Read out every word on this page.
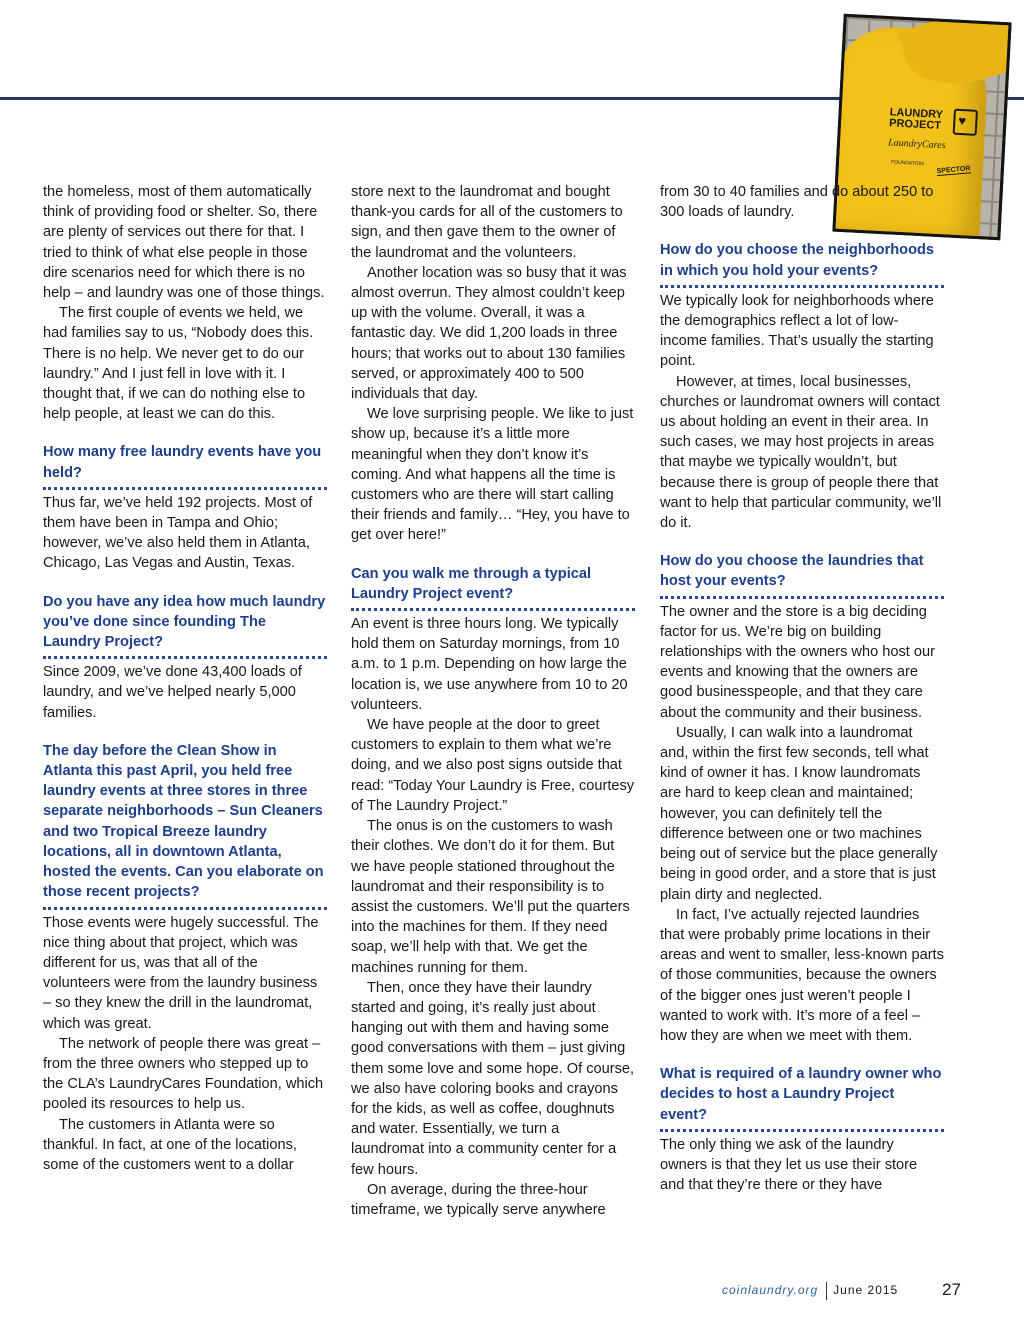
LAUNDRY
PROJECT ♥
LaundryCares
FOUNDATION
SPECTOR

the homeless, most of them automatically think of providing food or shelter. So, there are plenty of services out there for that. I tried to think of what else people in those dire scenarios need for which there is no help – and laundry was one of those things.

The first couple of events we held, we had families say to us, “Nobody does this. There is no help. We never get to do our laundry.” And I just fell in love with it. I thought that, if we can do nothing else to help people, at least we can do this.

How many free laundry events have you held?

Thus far, we’ve held 192 projects. Most of them have been in Tampa and Ohio; however, we’ve also held them in Atlanta, Chicago, Las Vegas and Austin, Texas.

Do you have any idea how much laundry you’ve done since founding The Laundry Project?

Since 2009, we’ve done 43,400 loads of laundry, and we’ve helped nearly 5,000 families.

The day before the Clean Show in Atlanta this past April, you held free laundry events at three stores in three separate neighborhoods – Sun Cleaners and two Tropical Breeze laundry locations, all in downtown Atlanta, hosted the events. Can you elaborate on those recent projects?

Those events were hugely successful. The nice thing about that project, which was different for us, was that all of the volunteers were from the laundry business – so they knew the drill in the laundromat, which was great.

The network of people there was great – from the three owners who stepped up to the CLA’s LaundryCares Foundation, which pooled its resources to help us.

The customers in Atlanta were so thankful. In fact, at one of the locations, some of the customers went to a dollar

store next to the laundromat and bought thank-you cards for all of the customers to sign, and then gave them to the owner of the laundromat and the volunteers.

Another location was so busy that it was almost overrun. They almost couldn’t keep up with the volume. Overall, it was a fantastic day. We did 1,200 loads in three hours; that works out to about 130 families served, or approximately 400 to 500 individuals that day.

We love surprising people. We like to just show up, because it’s a little more meaningful when they don’t know it’s coming. And what happens all the time is customers who are there will start calling their friends and family… “Hey, you have to get over here!”

Can you walk me through a typical Laundry Project event?

An event is three hours long. We typically hold them on Saturday mornings, from 10 a.m. to 1 p.m. Depending on how large the location is, we use anywhere from 10 to 20 volunteers.

We have people at the door to greet customers to explain to them what we’re doing, and we also post signs outside that read: “Today Your Laundry is Free, courtesy of The Laundry Project.”

The onus is on the customers to wash their clothes. We don’t do it for them. But we have people stationed throughout the laundromat and their responsibility is to assist the customers. We’ll put the quarters into the machines for them. If they need soap, we’ll help with that. We get the machines running for them.

Then, once they have their laundry started and going, it’s really just about hanging out with them and having some good conversations with them – just giving them some love and some hope. Of course, we also have coloring books and crayons for the kids, as well as coffee, doughnuts and water. Essentially, we turn a laundromat into a community center for a few hours.

On average, during the three-hour timeframe, we typically serve anywhere

from 30 to 40 families and do about 250 to 300 loads of laundry.

How do you choose the neighborhoods in which you hold your events?

We typically look for neighborhoods where the demographics reflect a lot of low-income families. That’s usually the starting point.

However, at times, local businesses, churches or laundromat owners will contact us about holding an event in their area. In such cases, we may host projects in areas that maybe we typically wouldn’t, but because there is group of people there that want to help that particular community, we’ll do it.

How do you choose the laundries that host your events?

The owner and the store is a big deciding factor for us. We’re big on building relationships with the owners who host our events and knowing that the owners are good businesspeople, and that they care about the community and their business.

Usually, I can walk into a laundromat and, within the first few seconds, tell what kind of owner it has. I know laundromats are hard to keep clean and maintained; however, you can definitely tell the difference between one or two machines being out of service but the place generally being in good order, and a store that is just plain dirty and neglected.

In fact, I’ve actually rejected laundries that were probably prime locations in their areas and went to smaller, less-known parts of those communities, because the owners of the bigger ones just weren’t people I wanted to work with. It’s more of a feel – how they are when we meet with them.

What is required of a laundry owner who decides to host a Laundry Project event?

The only thing we ask of the laundry owners is that they let us use their store and that they’re there or they have

coinlaundry.org June 2015	27
